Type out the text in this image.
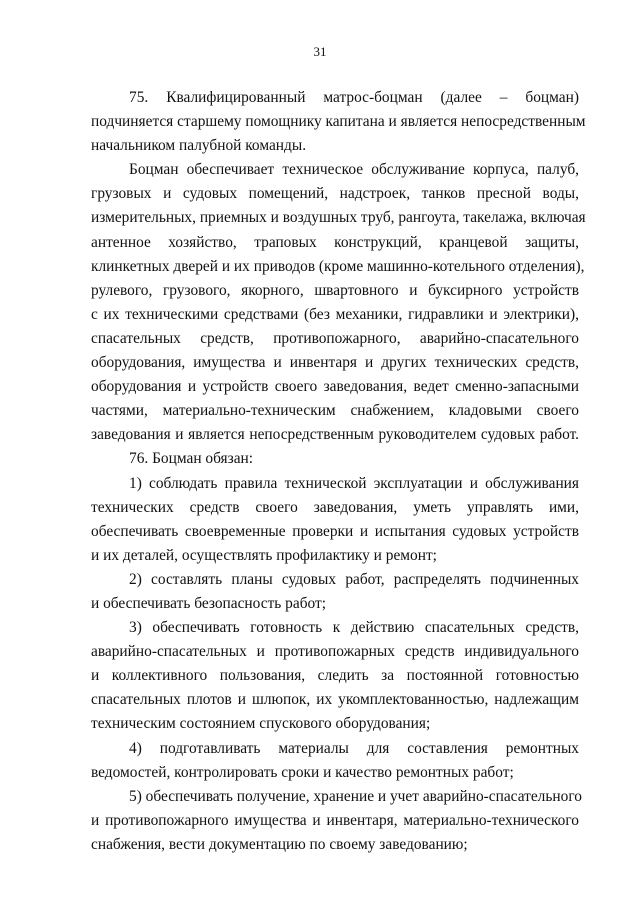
31
75. Квалифицированный матрос-боцман (далее – боцман)
подчиняется старшему помощнику капитана и является непосредственным
начальником палубной команды.
Боцман обеспечивает техническое обслуживание корпуса, палуб,
грузовых и судовых помещений, надстроек, танков пресной воды,
измерительных, приемных и воздушных труб, рангоута, такелажа, включая
антенное хозяйство, траповых конструкций, кранцевой защиты,
клинкетных дверей и их приводов (кроме машинно-котельного отделения),
рулевого, грузового, якорного, швартовного и буксирного устройств
с их техническими средствами (без механики, гидравлики и электрики),
спасательных средств, противопожарного, аварийно-спасательного
оборудования, имущества и инвентаря и других технических средств,
оборудования и устройств своего заведования, ведет сменно-запасными
частями, материально-техническим снабжением, кладовыми своего
заведования и является непосредственным руководителем судовых работ.
76. Боцман обязан:
1) соблюдать правила технической эксплуатации и обслуживания
технических средств своего заведования, уметь управлять ими,
обеспечивать своевременные проверки и испытания судовых устройств
и их деталей, осуществлять профилактику и ремонт;
2) составлять планы судовых работ, распределять подчиненных
и обеспечивать безопасность работ;
3) обеспечивать готовность к действию спасательных средств,
аварийно-спасательных и противопожарных средств индивидуального
и коллективного пользования, следить за постоянной готовностью
спасательных плотов и шлюпок, их укомплектованностью, надлежащим
техническим состоянием спускового оборудования;
4) подготавливать материалы для составления ремонтных
ведомостей, контролировать сроки и качество ремонтных работ;
5) обеспечивать получение, хранение и учет аварийно-спасательного
и противопожарного имущества и инвентаря, материально-технического
снабжения, вести документацию по своему заведованию;
